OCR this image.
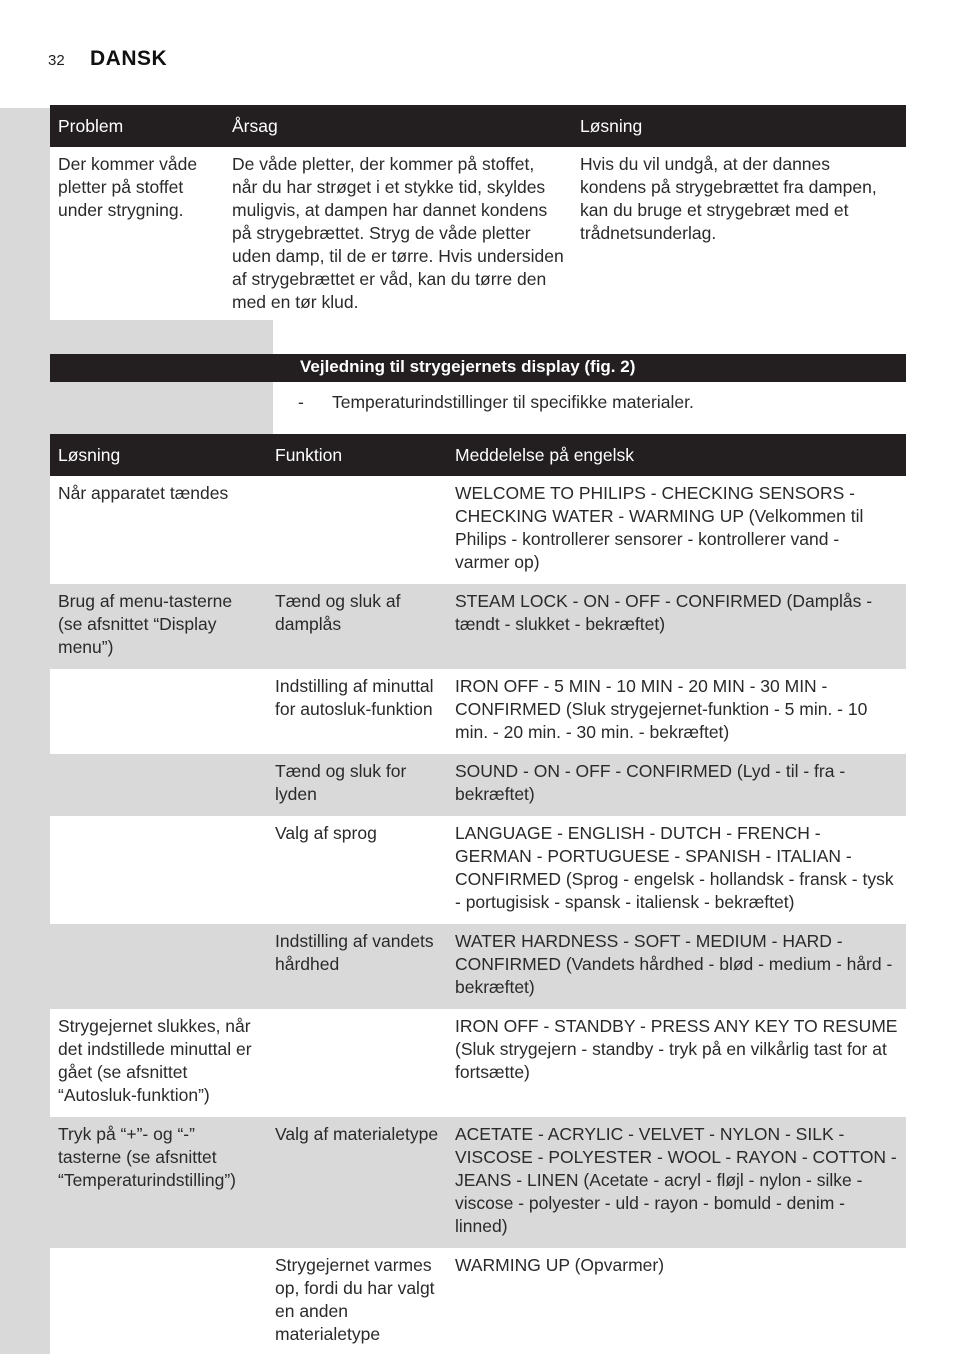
32 DANSK
Problem	Årsag	Løsning
Der kommer våde pletter på stoffet under strygning.	De våde pletter, der kommer på stoffet, når du har strøget i et stykke tid, skyldes muligvis, at dampen har dannet kondens på strygebrættet. Stryg de våde pletter uden damp, til de er tørre. Hvis undersiden af strygebrættet er våd, kan du tørre den med en tør klud.	Hvis du vil undgå, at der dannes kondens på strygebrættet fra dampen, kan du bruge et strygebræt med et trådnetsunderlag.
Vejledning til strygejernets display (fig. 2)
- Temperaturindstillinger til specifikke materialer.
Løsning	Funktion	Meddelelse på engelsk
Når apparatet tændes		WELCOME TO PHILIPS - CHECKING SENSORS - CHECKING WATER - WARMING UP (Velkommen til Philips - kontrollerer sensorer - kontrollerer vand - varmer op)
Brug af menu-tasterne (se afsnittet “Display menu”)	Tænd og sluk af damplås	STEAM LOCK - ON - OFF - CONFIRMED (Damplås - tændt - slukket - bekræftet)
	Indstilling af minuttal for autosluk-funktion	IRON OFF - 5 MIN - 10 MIN - 20 MIN - 30 MIN - CONFIRMED (Sluk strygejernet-funktion - 5 min. - 10 min. - 20 min. - 30 min. - bekræftet)
	Tænd og sluk for lyden	SOUND - ON - OFF - CONFIRMED (Lyd - til - fra - bekræftet)
	Valg af sprog	LANGUAGE - ENGLISH - DUTCH - FRENCH - GERMAN - PORTUGUESE - SPANISH - ITALIAN - CONFIRMED (Sprog - engelsk - hollandsk - fransk - tysk - portugisisk - spansk - italiensk - bekræftet)
	Indstilling af vandets hårdhed	WATER HARDNESS - SOFT - MEDIUM - HARD - CONFIRMED (Vandets hårdhed - blød - medium - hård - bekræftet)
Strygejernet slukkes, når det indstillede minuttal er gået (se afsnittet “Autosluk-funktion”)		IRON OFF - STANDBY - PRESS ANY KEY TO RESUME (Sluk strygejern - standby - tryk på en vilkårlig tast for at fortsætte)
Tryk på “+”- og “-” tasterne (se afsnittet “Temperaturindstilling”)	Valg af materialetype	ACETATE - ACRYLIC - VELVET - NYLON - SILK - VISCOSE - POLYESTER - WOOL - RAYON - COTTON - JEANS - LINEN (Acetate - acryl - fløjl - nylon - silke - viscose - polyester - uld - rayon - bomuld - denim - linned)
	Strygejernet varmes op, fordi du har valgt en anden materialetype	WARMING UP (Opvarmer)
